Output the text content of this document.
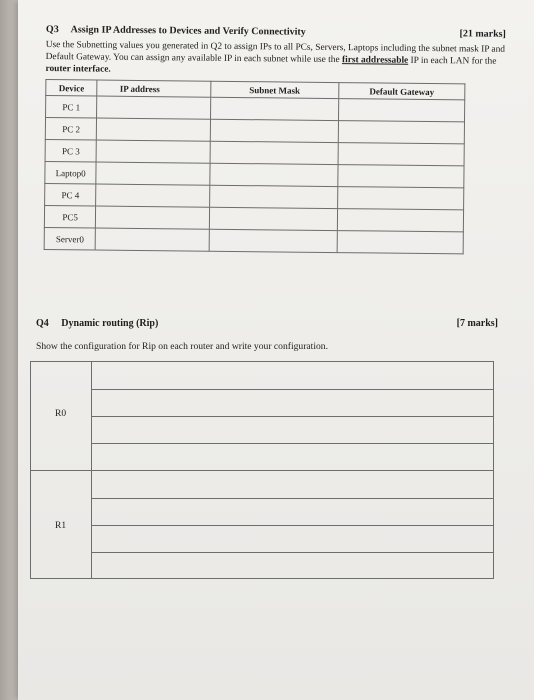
Q3 Assign IP Addresses to Devices and Verify Connectivity	[21 marks]
Use the Subnetting values you generated in Q2 to assign IPs to all PCs, Servers, Laptops including the subnet mask IP and Default Gateway. You can assign any available IP in each subnet while use the first addressable IP in each LAN for the router interface.
Device	IP address	Subnet Mask	Default Gateway
PC 1			
PC 2			
PC 3			
Laptop0			
PC 4			
PC5			
Server0			
Q4 Dynamic routing (Rip)	[7 marks]
Show the configuration for Rip on each router and write your configuration.
R0
R1
